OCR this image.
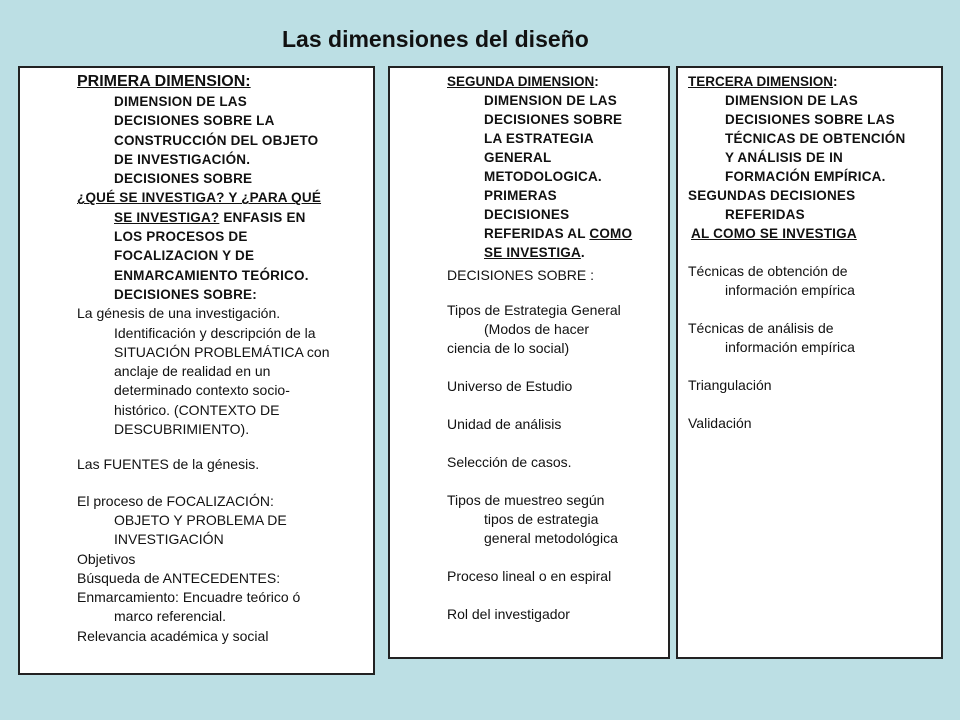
Las dimensiones del diseño

PRIMERA DIMENSION:

DIMENSION DE LAS

DECISIONES SOBRE LA

CONSTRUCCIÓN DEL OBJETO

DE INVESTIGACIÓN.

DECISIONES SOBRE

¿QUÉ SE INVESTIGA? Y ¿PARA QUÉ

SE INVESTIGA? ENFASIS EN

LOS PROCESOS DE

FOCALIZACION Y DE

ENMARCAMIENTO TEÓRICO.

DECISIONES SOBRE:

La génesis de una investigación.

Identificación y descripción de la

SITUACIÓN PROBLEMÁTICA con

anclaje de realidad en un

determinado contexto socio-

histórico. (CONTEXTO DE

DESCUBRIMIENTO).

Las FUENTES de la génesis.

El proceso de FOCALIZACIÓN:

OBJETO Y PROBLEMA DE

INVESTIGACIÓN

Objetivos

Búsqueda de ANTECEDENTES:

Enmarcamiento: Encuadre teórico ó

marco referencial.

Relevancia académica y social

SEGUNDA DIMENSION:

DIMENSION DE LAS

DECISIONES SOBRE

LA ESTRATEGIA

GENERAL

METODOLOGICA.

PRIMERAS

DECISIONES

REFERIDAS AL COMO

SE INVESTIGA.

DECISIONES SOBRE :

Tipos de Estrategia General

(Modos de hacer

ciencia de lo social)

Universo de Estudio

Unidad de análisis

Selección de casos.

Tipos de muestreo según

tipos de estrategia

general metodológica

Proceso lineal o en espiral

Rol del investigador

TERCERA DIMENSION:

DIMENSION DE LAS

DECISIONES SOBRE LAS

TÉCNICAS DE OBTENCIÓN

Y ANÁLISIS DE IN

FORMACIÓN EMPÍRICA.

SEGUNDAS DECISIONES

REFERIDAS

AL COMO SE INVESTIGA

Técnicas de obtención de

información empírica

Técnicas de análisis de

información empírica

Triangulación

Validación
